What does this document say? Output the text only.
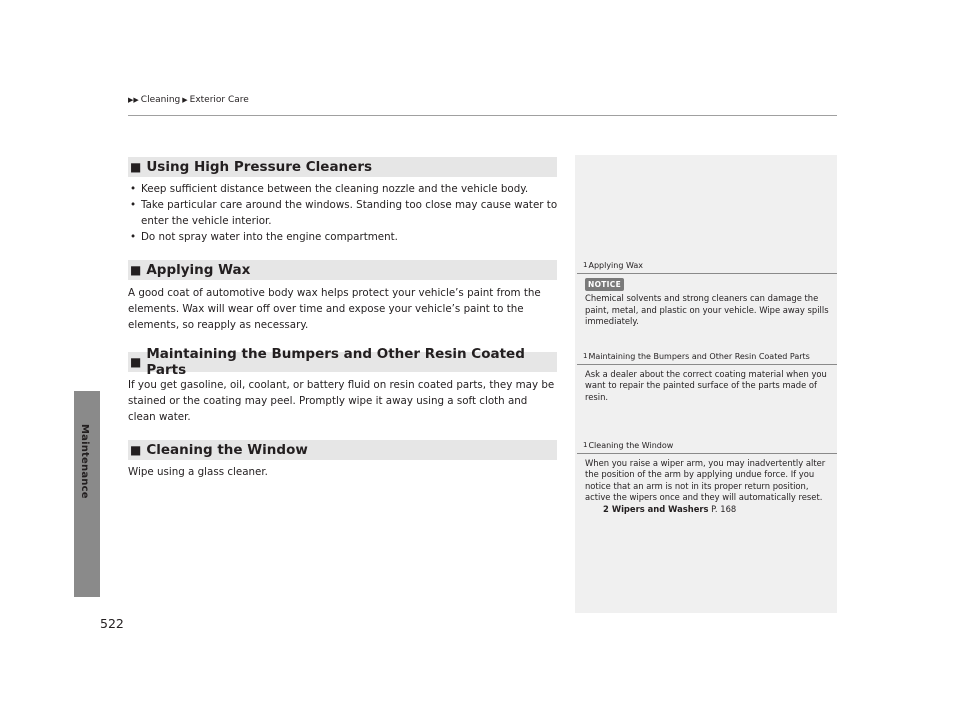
Maintenance
522
▶▶ Cleaning ▶ Exterior Care
■ Using High Pressure Cleaners
• Keep sufficient distance between the cleaning nozzle and the vehicle body.
• Take particular care around the windows. Standing too close may cause water to enter the vehicle interior.
• Do not spray water into the engine compartment.
■ Applying Wax

A good coat of automotive body wax helps protect your vehicle’s paint from the elements. Wax will wear off over time and expose your vehicle’s paint to the elements, so reapply as necessary.

■ Maintaining the Bumpers and Other Resin Coated Parts

If you get gasoline, oil, coolant, or battery fluid on resin coated parts, they may be stained or the coating may peel. Promptly wipe it away using a soft cloth and clean water.

■ Cleaning the Window

Wipe using a glass cleaner.

1 Applying Wax
NOTICE
Chemical solvents and strong cleaners can damage the paint, metal, and plastic on your vehicle. Wipe away spills immediately.
1 Maintaining the Bumpers and Other Resin Coated Parts
Ask a dealer about the correct coating material when you want to repair the painted surface of the parts made of resin.
1 Cleaning the Window
When you raise a wiper arm, you may inadvertently alter the position of the arm by applying undue force. If you notice that an arm is not in its proper return position, active the wipers once and they will automatically reset.
2 Wipers and Washers P. 168
